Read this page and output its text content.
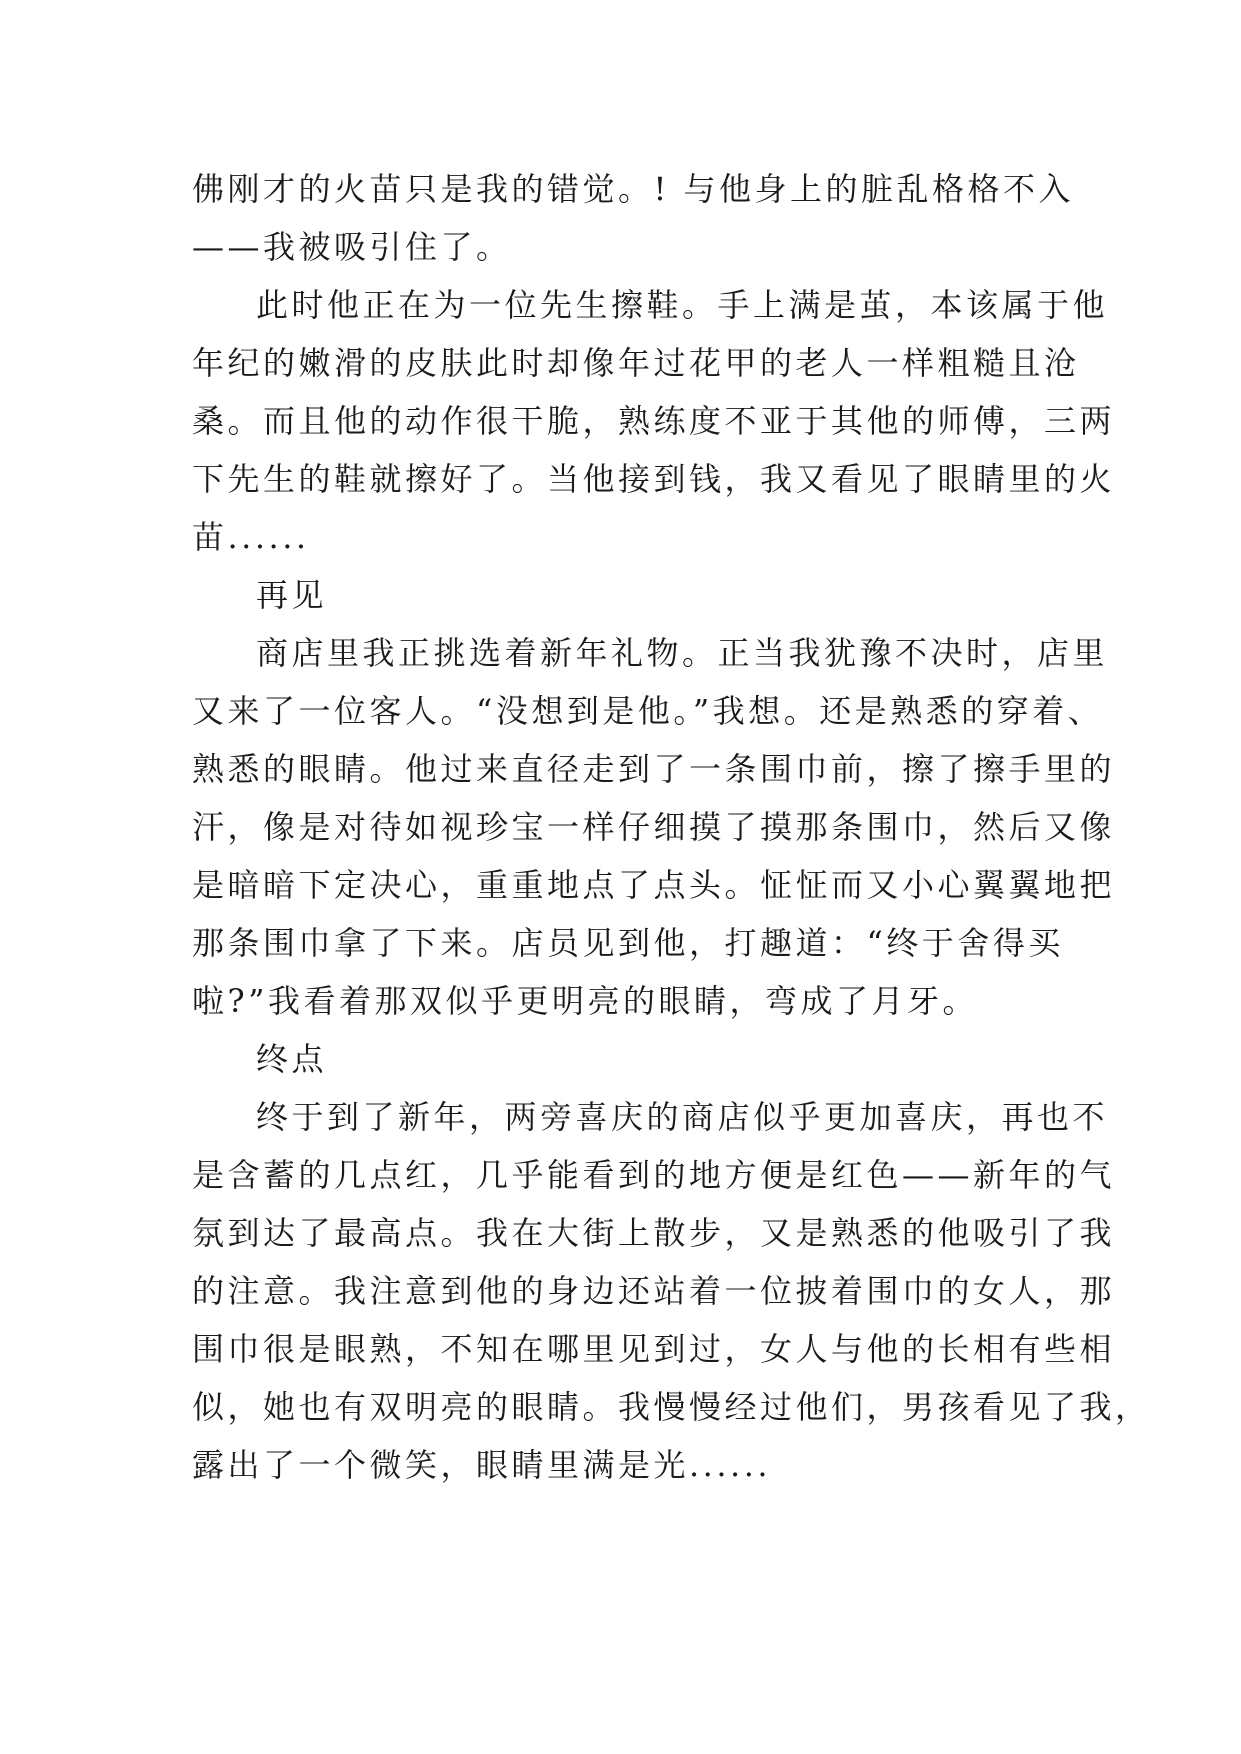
佛刚才的火苗只是我的错觉。! 与他身上的脏乱格格不入
——我被吸引住了。
此时他正在为一位先生擦鞋。手上满是茧，本该属于他
年纪的嫩滑的皮肤此时却像年过花甲的老人一样粗糙且沧
桑。而且他的动作很干脆，熟练度不亚于其他的师傅，三两
下先生的鞋就擦好了。当他接到钱，我又看见了眼睛里的火
苗......
再见
商店里我正挑选着新年礼物。正当我犹豫不决时，店里
又来了一位客人。“没想到是他。”我想。还是熟悉的穿着、
熟悉的眼睛。他过来直径走到了一条围巾前，擦了擦手里的
汗，像是对待如视珍宝一样仔细摸了摸那条围巾，然后又像
是暗暗下定决心，重重地点了点头。怔怔而又小心翼翼地把
那条围巾拿了下来。店员见到他，打趣道：“终于舍得买
啦?”我看着那双似乎更明亮的眼睛，弯成了月牙。
终点
终于到了新年，两旁喜庆的商店似乎更加喜庆，再也不
是含蓄的几点红，几乎能看到的地方便是红色——新年的气
氛到达了最高点。我在大街上散步，又是熟悉的他吸引了我
的注意。我注意到他的身边还站着一位披着围巾的女人，那
围巾很是眼熟，不知在哪里见到过，女人与他的长相有些相
似，她也有双明亮的眼睛。我慢慢经过他们，男孩看见了我，
露出了一个微笑，眼睛里满是光......
